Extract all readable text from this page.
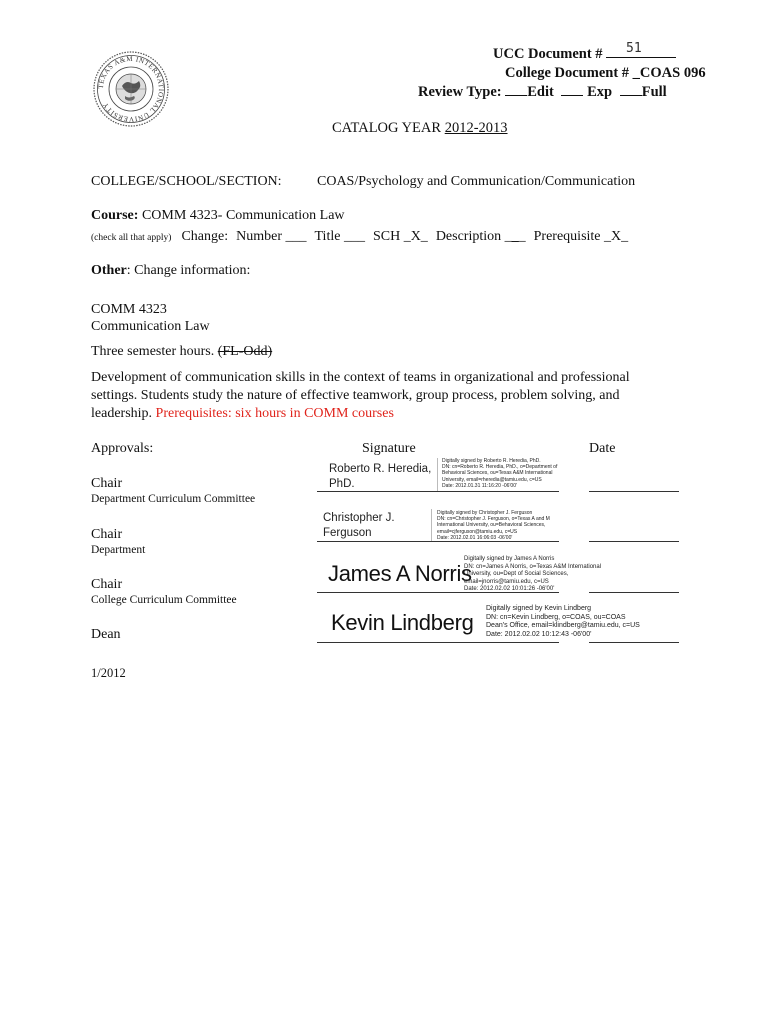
TEXAS A&M INTERNATIONAL UNIVERSITY
UCC Document #	51
College Document # _COAS 096
Review Type: Edit Exp Full
CATALOG YEAR 2012-2013
COLLEGE/SCHOOL/SECTION:	COAS/Psychology and Communication/Communication
Course: COMM 4323- Communication Law
(check all that apply) Change: Number ___ Title ___ SCH _X_ Description ___ Prerequisite _X_
Other: Change information:
COMM 4323
Communication Law
Three semester hours. (FL-Odd)
Development of communication skills in the context of teams in organizational and professional
settings. Students study the nature of effective teamwork, group process, problem solving, and
leadership. Prerequisites: six hours in COMM courses
Approvals:	Signature	Date
Chair
Department Curriculum Committee
Roberto R. Heredia,
PhD.
Digitally signed by Roberto R. Heredia, PhD.
DN: cn=Roberto R. Heredia, PhD., o=Department of
Behavioral Sciences, ou=Texas A&M International
University, email=rheredia@tamiu.edu, c=US
Date: 2012.01.31 11:16:20 -06'00'
Chair
Department
Christopher J.
Ferguson
Digitally signed by Christopher J. Ferguson
DN: cn=Christopher J. Ferguson, o=Texas A and M
International University, ou=Behavioral Sciences,
email=cjferguson@tamiu.edu, c=US
Date: 2012.02.01 16:06:03 -06'00'
Chair
College Curriculum Committee
James A Norris
Digitally signed by James A Norris
DN: cn=James A Norris, o=Texas A&M International
University, ou=Dept of Social Sciences,
email=jnorris@tamiu.edu, c=US
Date: 2012.02.02 10:01:26 -06'00'
Dean	Kevin Lindberg
Digitally signed by Kevin Lindberg
DN: cn=Kevin Lindberg, o=COAS, ou=COAS
Dean's Office, email=klindberg@tamiu.edu, c=US
Date: 2012.02.02 10:12:43 -06'00'
1/2012
